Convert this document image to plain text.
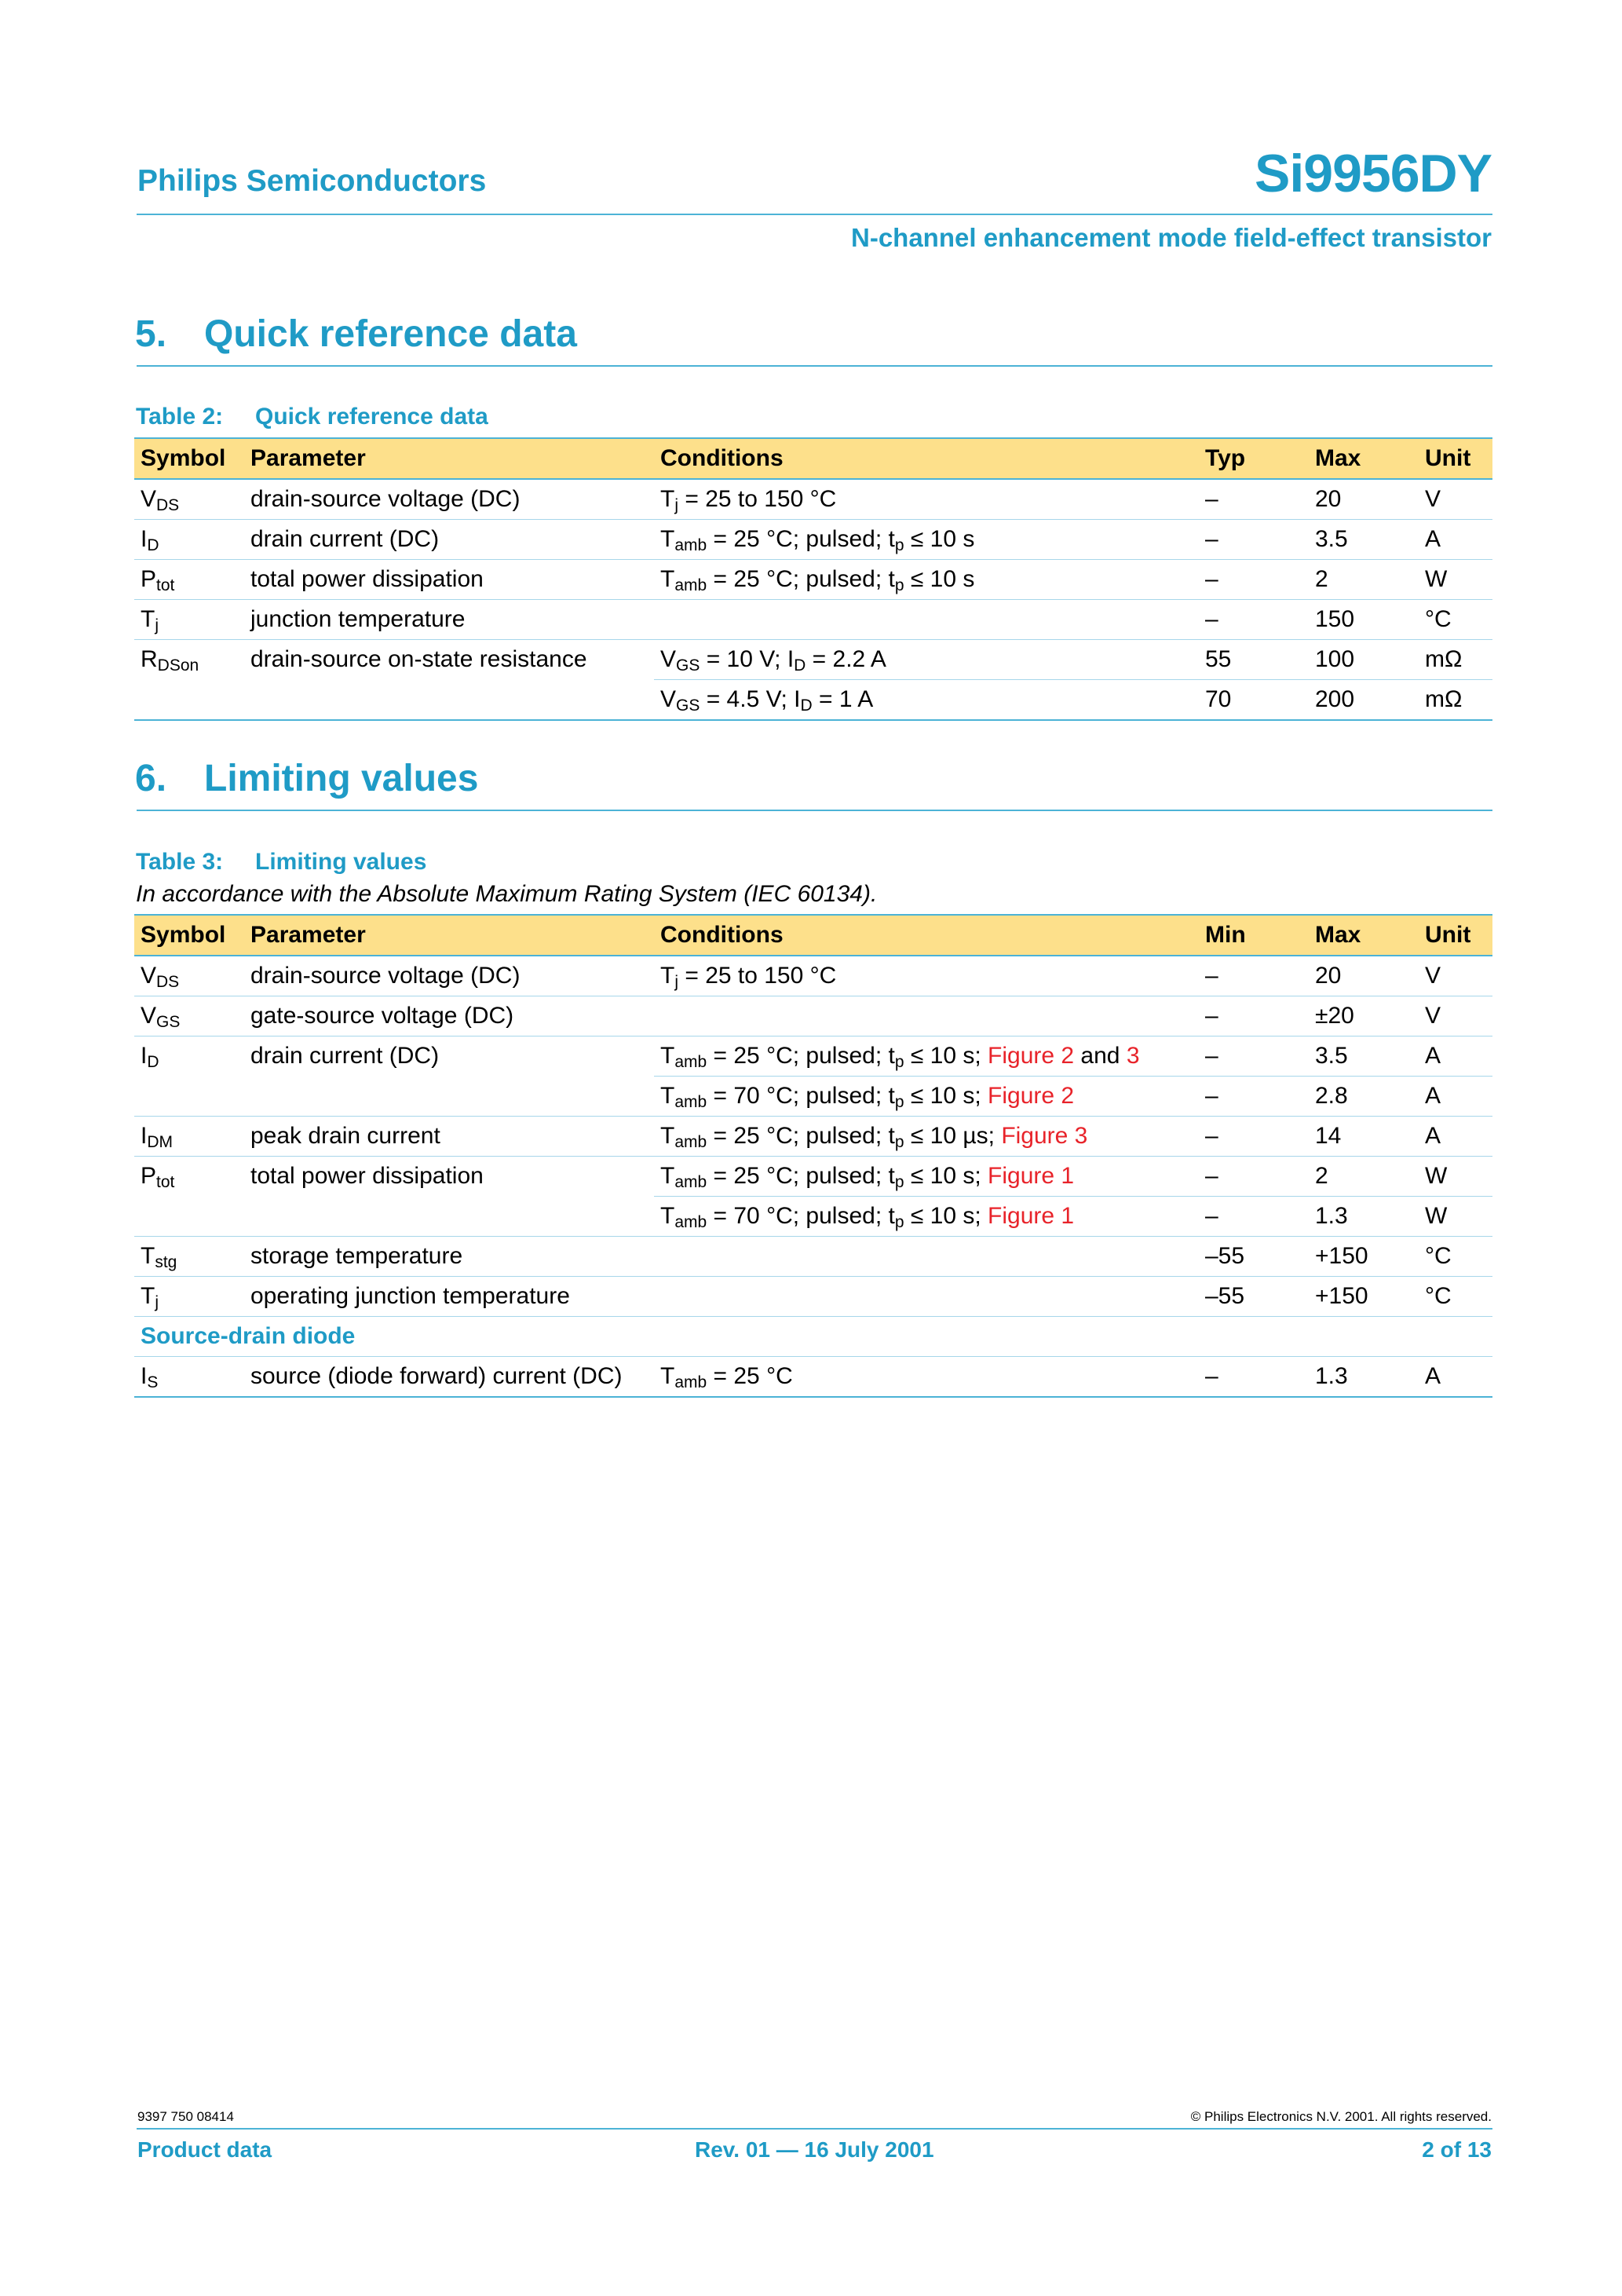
Philips Semiconductors	Si9956DY
N-channel enhancement mode field-effect transistor
5. Quick reference data
Table 2: Quick reference data
Symbol	Parameter	Conditions	Typ	Max	Unit
$V_{DS}$	drain-source voltage (DC)	$T_j = 25$ to 150 °C	–	20	V
$I_D$	drain current (DC)	$T_{amb} = 25$ °C; pulsed; $t_p \le 10$ s	–	3.5	A
$P_{tot}$	total power dissipation	$T_{amb} = 25$ °C; pulsed; $t_p \le 10$ s	–	2	W
$T_j$	junction temperature		–	150	°C
$R_{DSon}$	drain-source on-state resistance	$V_{GS} = 10$ V; $I_D = 2.2$ A	55	100	mΩ
		$V_{GS} = 4.5$ V; $I_D = 1$ A	70	200	mΩ
6. Limiting values
Table 3: Limiting values
In accordance with the Absolute Maximum Rating System (IEC 60134).
Symbol	Parameter	Conditions	Min	Max	Unit
$V_{DS}$	drain-source voltage (DC)	$T_j = 25$ to 150 °C	–	20	V
$V_{GS}$	gate-source voltage (DC)		–	±20	V
$I_D$	drain current (DC)	$T_{amb} = 25$ °C; pulsed; $t_p \le 10$ s; Figure 2 and 3	–	3.5	A
		$T_{amb} = 70$ °C; pulsed; $t_p \le 10$ s; Figure 2	–	2.8	A
$I_{DM}$	peak drain current	$T_{amb} = 25$ °C; pulsed; $t_p \le 10$ µs; Figure 3	–	14	A
$P_{tot}$	total power dissipation	$T_{amb} = 25$ °C; pulsed; $t_p \le 10$ s; Figure 1	–	2	W
		$T_{amb} = 70$ °C; pulsed; $t_p \le 10$ s; Figure 1	–	1.3	W
$T_{stg}$	storage temperature		–55	+150	°C
$T_j$	operating junction temperature		–55	+150	°C
Source-drain diode					
$I_S$	source (diode forward) current (DC)	$T_{amb} = 25$ °C	–	1.3	A
9397 750 08414	© Philips Electronics N.V. 2001. All rights reserved.
Product data	Rev. 01 — 16 July 2001	2 of 13
